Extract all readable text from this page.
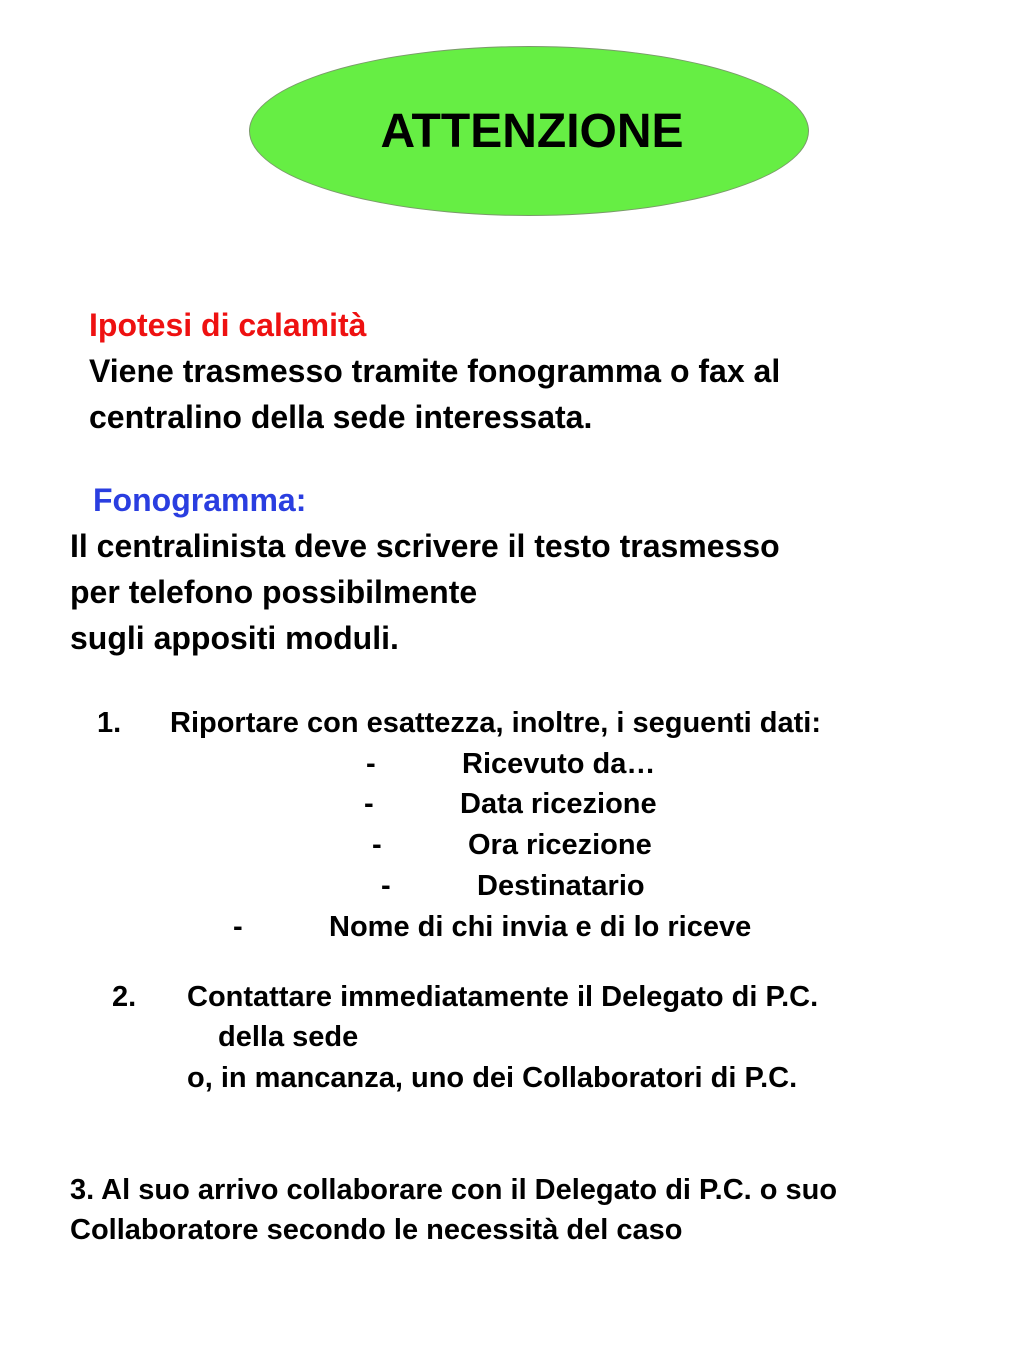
ATTENZIONE

Ipotesi di calamità

Viene trasmesso tramite fonogramma o fax al

centralino della sede interessata.

Fonogramma:

Il centralinista deve scrivere il testo trasmesso

per telefono possibilmente

sugli appositi moduli.

1. Riportare con esattezza, inoltre, i seguenti dati:
-	Ricevuto da…
-	Data ricezione
-	Ora ricezione
-	Destinatario
-	Nome di chi invia e di lo riceve
2. Contattare immediatamente il Delegato di P.C.
della sede
o, in mancanza, uno dei Collaboratori di P.C.
3. Al suo arrivo collaborare con il Delegato di P.C. o suo
Collaboratore secondo le necessità del caso
